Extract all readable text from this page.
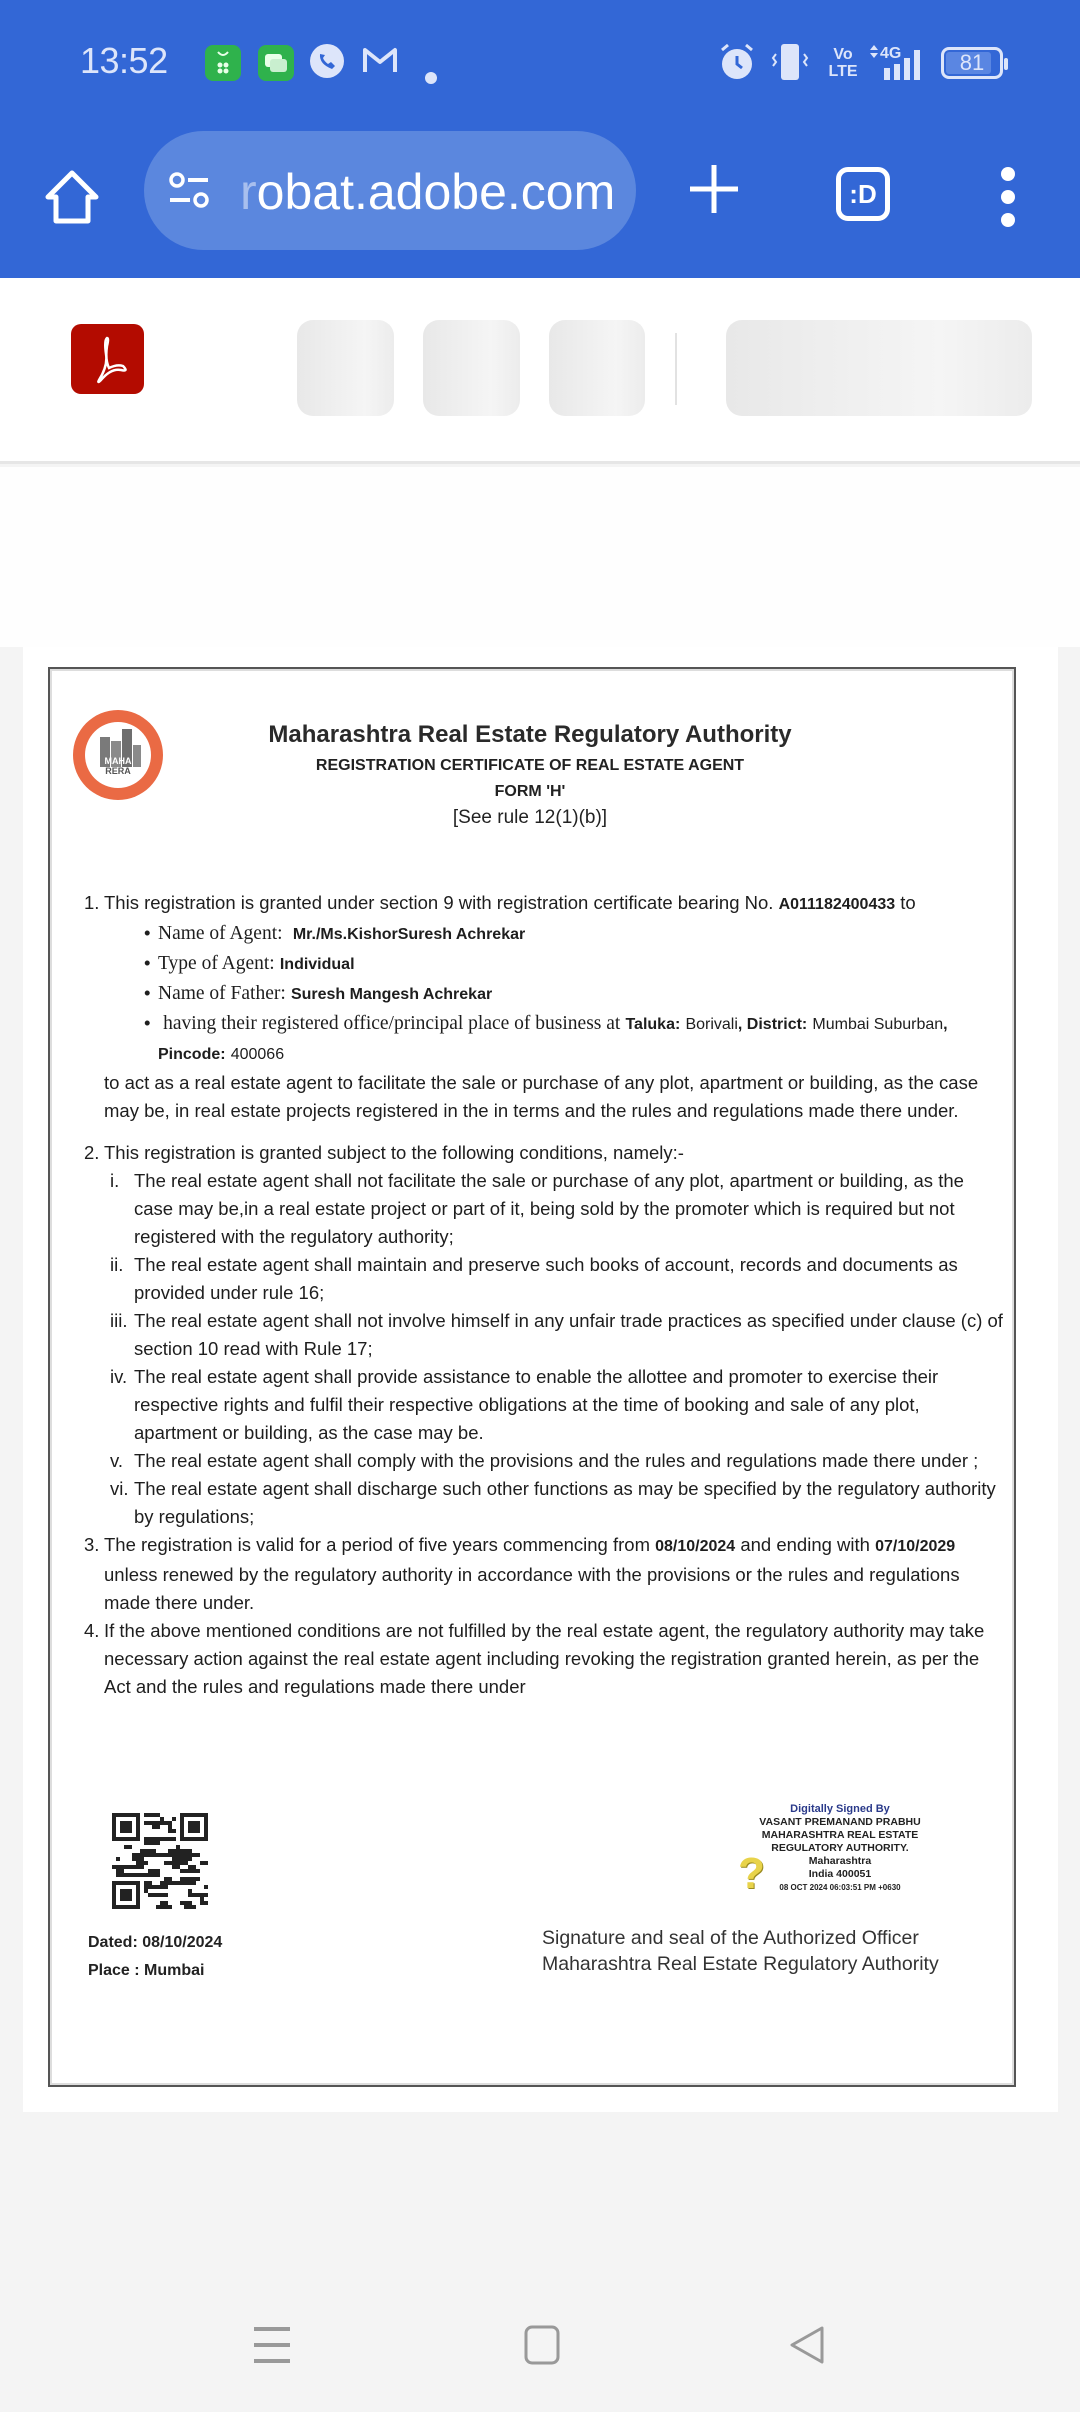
13:52	Vo
LTE
4G	81
robat.adobe.com	:D
MAHA
RERA
Maharashtra Real Estate Regulatory Authority
REGISTRATION CERTIFICATE OF REAL ESTATE AGENT
FORM 'H'
[See rule 12(1)(b)]
1. This registration is granted under section 9 with registration certificate bearing No. A011182400433 to
• Name of Agent: Mr./Ms.KishorSuresh Achrekar
• Type of Agent: Individual
• Name of Father: Suresh Mangesh Achrekar
• having their registered office/principal place of business at Taluka: Borivali, District: Mumbai Suburban, Pincode: 400066
to act as a real estate agent to facilitate the sale or purchase of any plot, apartment or building, as the case may be, in real estate projects registered in the in terms and the rules and regulations made there under.
2. This registration is granted subject to the following conditions, namely:-
i. The real estate agent shall not facilitate the sale or purchase of any plot, apartment or building, as the case may be,in a real estate project or part of it, being sold by the promoter which is required but not registered with the regulatory authority;
ii. The real estate agent shall maintain and preserve such books of account, records and documents as provided under rule 16;
iii. The real estate agent shall not involve himself in any unfair trade practices as specified under clause (c) of section 10 read with Rule 17;
iv. The real estate agent shall provide assistance to enable the allottee and promoter to exercise their respective rights and fulfil their respective obligations at the time of booking and sale of any plot, apartment or building, as the case may be.
v. The real estate agent shall comply with the provisions and the rules and regulations made there under ;
vi. The real estate agent shall discharge such other functions as may be specified by the regulatory authority by regulations;
3. The registration is valid for a period of five years commencing from 08/10/2024 and ending with 07/10/2029 unless renewed by the regulatory authority in accordance with the provisions or the rules and regulations made there under.
4. If the above mentioned conditions are not fulfilled by the real estate agent, the regulatory authority may take necessary action against the real estate agent including revoking the registration granted herein, as per the Act and the rules and regulations made there under
Dated: 08/10/2024
Place : Mumbai
?
Digitally Signed By
VASANT PREMANAND PRABHU
MAHARASHTRA REAL ESTATE
REGULATORY AUTHORITY.
Maharashtra
India 400051
08 OCT 2024 06:03:51 PM +0630
Signature and seal of the Authorized Officer
Maharashtra Real Estate Regulatory Authority
